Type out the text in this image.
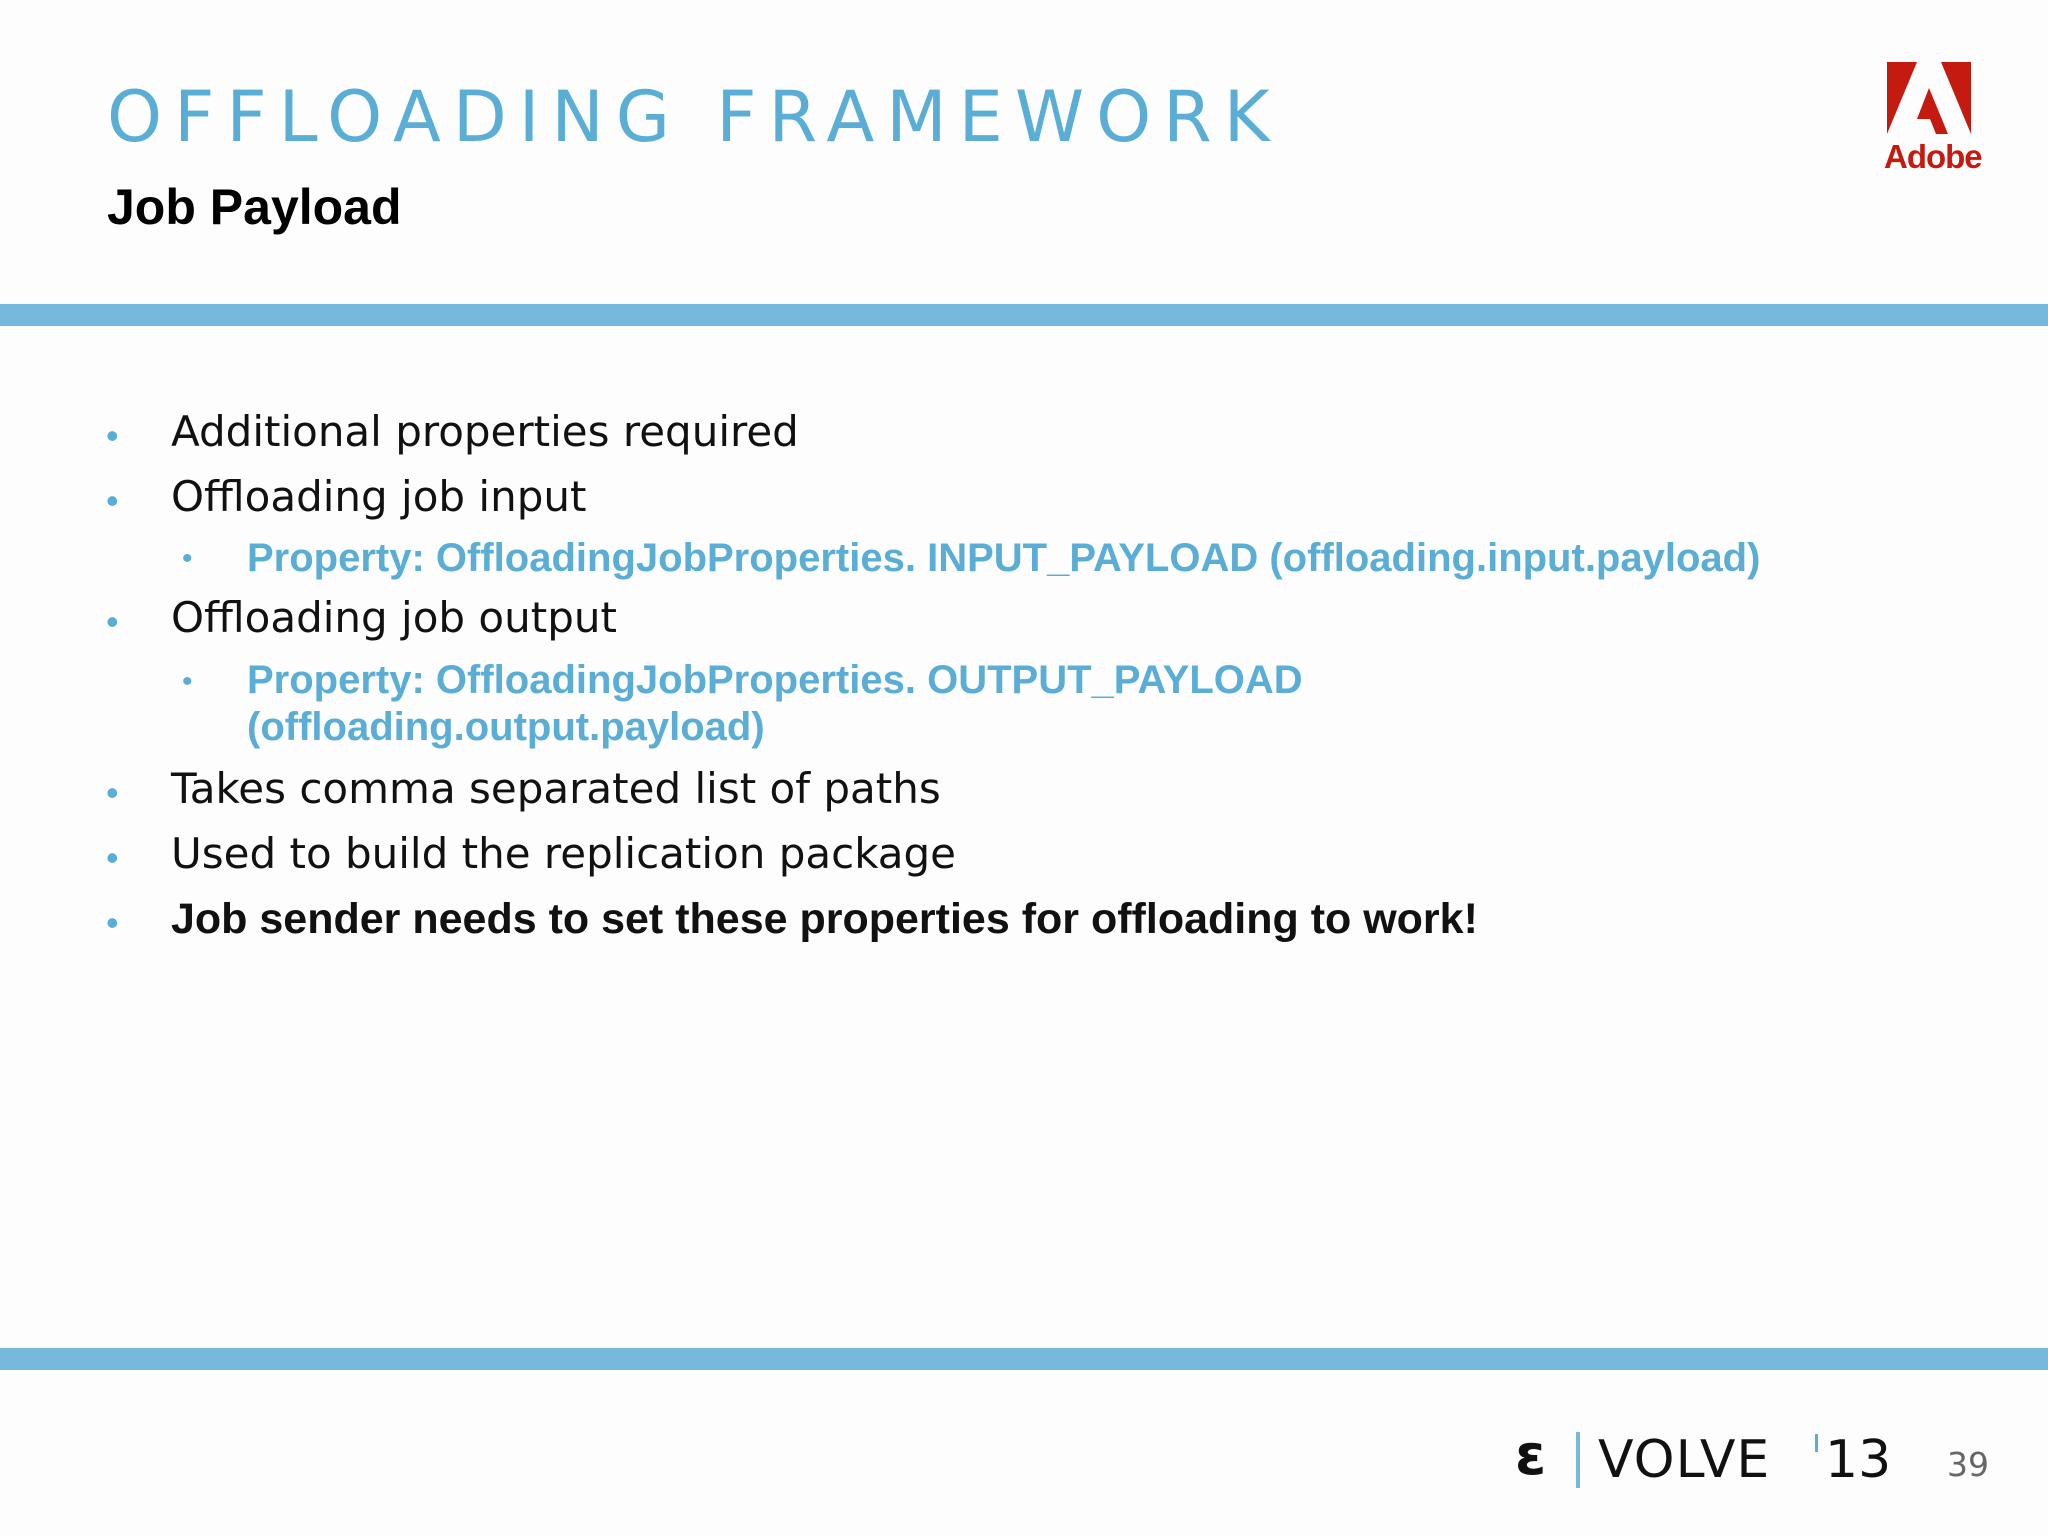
OFFLOADING FRAMEWORK
Job Payload
Adobe
• Additional properties required
• Offloading job input
• Property: OffloadingJobProperties. INPUT_PAYLOAD (offloading.input.payload)
• Offloading job output
• Property: OffloadingJobProperties. OUTPUT_PAYLOAD
(offloading.output.payload)
• Takes comma separated list of paths
• Used to build the replication package
• Job sender needs to set these properties for offloading to work!
ɛ VOLVE 13 39
